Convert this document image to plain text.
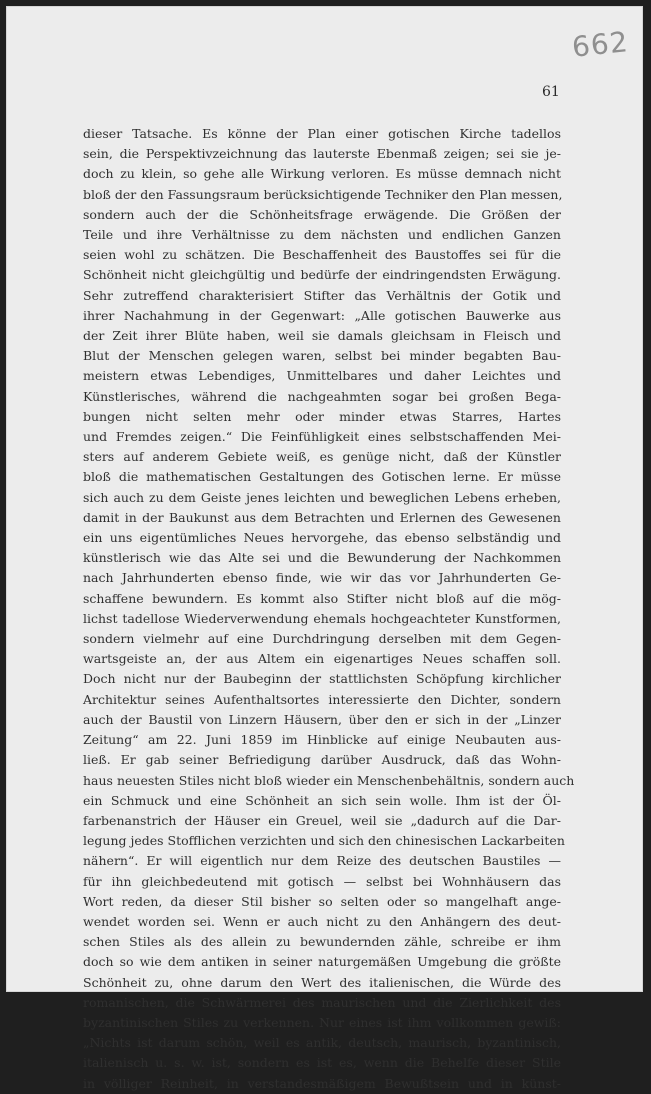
662
61
dieser Tatsache. Es könne der Plan einer gotischen Kirche tadellos
sein, die Perspektivzeichnung das lauterste Ebenmaß zeigen; sei sie je-
doch zu klein, so gehe alle Wirkung verloren. Es müsse demnach nicht
bloß der den Fassungsraum berücksichtigende Techniker den Plan messen,
sondern auch der die Schönheitsfrage erwägende. Die Größen der
Teile und ihre Verhältnisse zu dem nächsten und endlichen Ganzen
seien wohl zu schätzen. Die Beschaffenheit des Baustoffes sei für die
Schönheit nicht gleichgültig und bedürfe der eindringendsten Erwägung.
Sehr zutreffend charakterisiert Stifter das Verhältnis der Gotik und
ihrer Nachahmung in der Gegenwart: „Alle gotischen Bauwerke aus
der Zeit ihrer Blüte haben, weil sie damals gleichsam in Fleisch und
Blut der Menschen gelegen waren, selbst bei minder begabten Bau-
meistern etwas Lebendiges, Unmittelbares und daher Leichtes und
Künstlerisches, während die nachgeahmten sogar bei großen Bega-
bungen nicht selten mehr oder minder etwas Starres, Hartes
und Fremdes zeigen.“ Die Feinfühligkeit eines selbstschaffenden Mei-
sters auf anderem Gebiete weiß, es genüge nicht, daß der Künstler
bloß die mathematischen Gestaltungen des Gotischen lerne. Er müsse
sich auch zu dem Geiste jenes leichten und beweglichen Lebens erheben,
damit in der Baukunst aus dem Betrachten und Erlernen des Gewesenen
ein uns eigentümliches Neues hervorgehe, das ebenso selbständig und
künstlerisch wie das Alte sei und die Bewunderung der Nachkommen
nach Jahrhunderten ebenso finde, wie wir das vor Jahrhunderten Ge-
schaffene bewundern. Es kommt also Stifter nicht bloß auf die mög-
lichst tadellose Wiederverwendung ehemals hochgeachteter Kunstformen,
sondern vielmehr auf eine Durchdringung derselben mit dem Gegen-
wartsgeiste an, der aus Altem ein eigenartiges Neues schaffen soll.
Doch nicht nur der Baubeginn der stattlichsten Schöpfung kirchlicher
Architektur seines Aufenthaltsortes interessierte den Dichter, sondern
auch der Baustil von Linzern Häusern, über den er sich in der „Linzer
Zeitung“ am 22. Juni 1859 im Hinblicke auf einige Neubauten aus-
ließ. Er gab seiner Befriedigung darüber Ausdruck, daß das Wohn-
haus neuesten Stiles nicht bloß wieder ein Menschenbehältnis, sondern auch
ein Schmuck und eine Schönheit an sich sein wolle. Ihm ist der Öl-
farbenanstrich der Häuser ein Greuel, weil sie „dadurch auf die Dar-
legung jedes Stofflichen verzichten und sich den chinesischen Lackarbeiten
nähern“. Er will eigentlich nur dem Reize des deutschen Baustiles —
für ihn gleichbedeutend mit gotisch — selbst bei Wohnhäusern das
Wort reden, da dieser Stil bisher so selten oder so mangelhaft ange-
wendet worden sei. Wenn er auch nicht zu den Anhängern des deut-
schen Stiles als des allein zu bewundernden zähle, schreibe er ihm
doch so wie dem antiken in seiner naturgemäßen Umgebung die größte
Schönheit zu, ohne darum den Wert des italienischen, die Würde des
romanischen, die Schwärmerei des maurischen und die Zierlichkeit des
byzantinischen Stiles zu verkennen. Nur eines ist ihm vollkommen gewiß:
„Nichts ist darum schön, weil es antik, deutsch, maurisch, byzantinisch,
italienisch u. s. w. ist, sondern es ist es, wenn die Behelfe dieser Stile
in völliger Reinheit, in verstandesmäßigem Bewußtsein und in künst-
